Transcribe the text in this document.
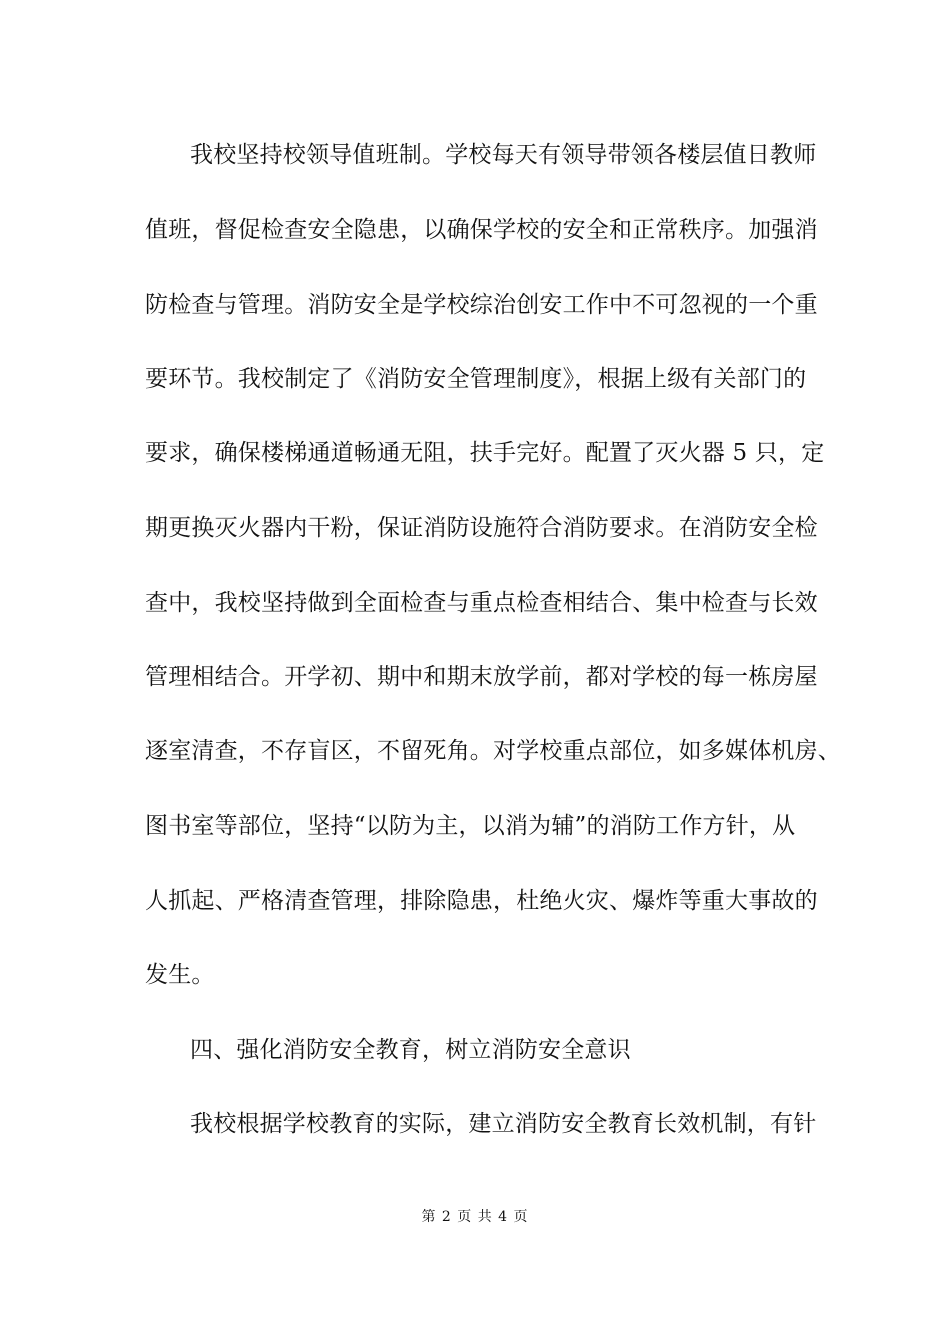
我校坚持校领导值班制。学校每天有领导带领各楼层值日教师
值班，督促检查安全隐患，以确保学校的安全和正常秩序。加强消
防检查与管理。消防安全是学校综治创安工作中不可忽视的一个重
要环节。我校制定了《消防安全管理制度》，根据上级有关部门的
要求，确保楼梯通道畅通无阻，扶手完好。配置了灭火器 5 只，定
期更换灭火器内干粉，保证消防设施符合消防要求。在消防安全检
查中，我校坚持做到全面检查与重点检查相结合、集中检查与长效
管理相结合。开学初、期中和期末放学前，都对学校的每一栋房屋
逐室清查，不存盲区，不留死角。对学校重点部位，如多媒体机房、
图书室等部位，坚持“以防为主，以消为辅”的消防工作方针，从
人抓起、严格清查管理，排除隐患，杜绝火灾、爆炸等重大事故的
发生。
四、强化消防安全教育，树立消防安全意识
我校根据学校教育的实际，建立消防安全教育长效机制，有针
第 2 页 共 4 页
